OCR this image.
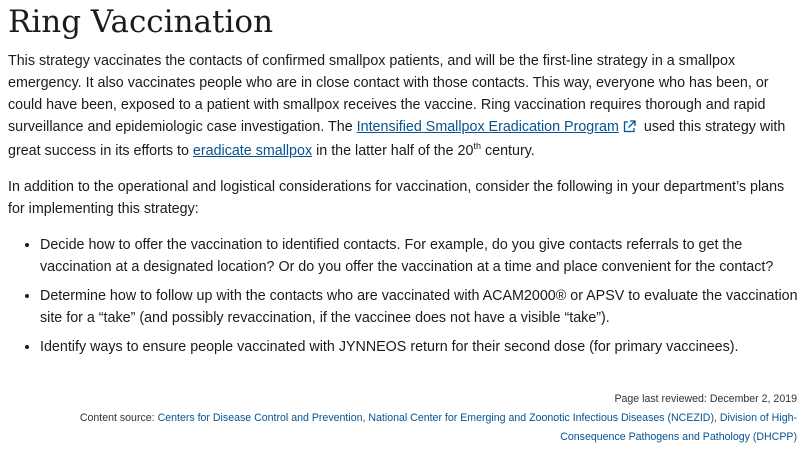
Ring Vaccination

This strategy vaccinates the contacts of confirmed smallpox patients, and will be the first-line strategy in a smallpox emergency. It also vaccinates people who are in close contact with those contacts. This way, everyone who has been, or could have been, exposed to a patient with smallpox receives the vaccine. Ring vaccination requires thorough and rapid surveillance and epidemiologic case investigation. The Intensified Smallpox Eradication Program used this strategy with great success in its efforts to eradicate smallpox in the latter half of the 20th century.

In addition to the operational and logistical considerations for vaccination, consider the following in your department’s plans for implementing this strategy:

• Decide how to offer the vaccination to identified contacts. For example, do you give contacts referrals to get the vaccination at a designated location? Or do you offer the vaccination at a time and place convenient for the contact?
• Determine how to follow up with the contacts who are vaccinated with ACAM2000® or APSV to evaluate the vaccination site for a “take” (and possibly revaccination, if the vaccinee does not have a visible “take”).
• Identify ways to ensure people vaccinated with JYNNEOS return for their second dose (for primary vaccinees).
Page last reviewed: December 2, 2019
Content source: Centers for Disease Control and Prevention, National Center for Emerging and Zoonotic Infectious Diseases (NCEZID), Division of High-
Consequence Pathogens and Pathology (DHCPP)
